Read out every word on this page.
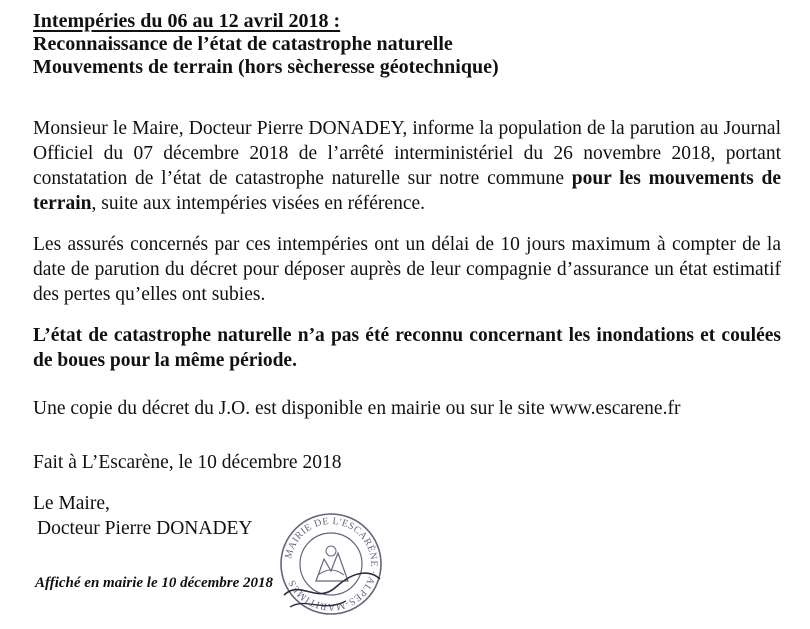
Intempéries du 06 au 12 avril 2018 :
Reconnaissance de l’état de catastrophe naturelle
Mouvements de terrain (hors sècheresse géotechnique)
Monsieur le Maire, Docteur Pierre DONADEY, informe la population de la parution au Journal Officiel du 07 décembre 2018 de l’arrêté interministériel du 26 novembre 2018, portant constatation de l’état de catastrophe naturelle sur notre commune pour les mouvements de terrain, suite aux intempéries visées en référence.
Les assurés concernés par ces intempéries ont un délai de 10 jours maximum à compter de la date de parution du décret pour déposer auprès de leur compagnie d’assurance un état estimatif des pertes qu’elles ont subies.
L’état de catastrophe naturelle n’a pas été reconnu concernant les inondations et coulées de boues pour la même période.
Une copie du décret du J.O. est disponible en mairie ou sur le site www.escarene.fr
Fait à L’Escarène, le 10 décembre 2018
Le Maire,
Docteur Pierre DONADEY
Affiché en mairie le 10 décembre 2018
MAIRIE DE L'ESCARÈNE · ALPES-MARITIMES
